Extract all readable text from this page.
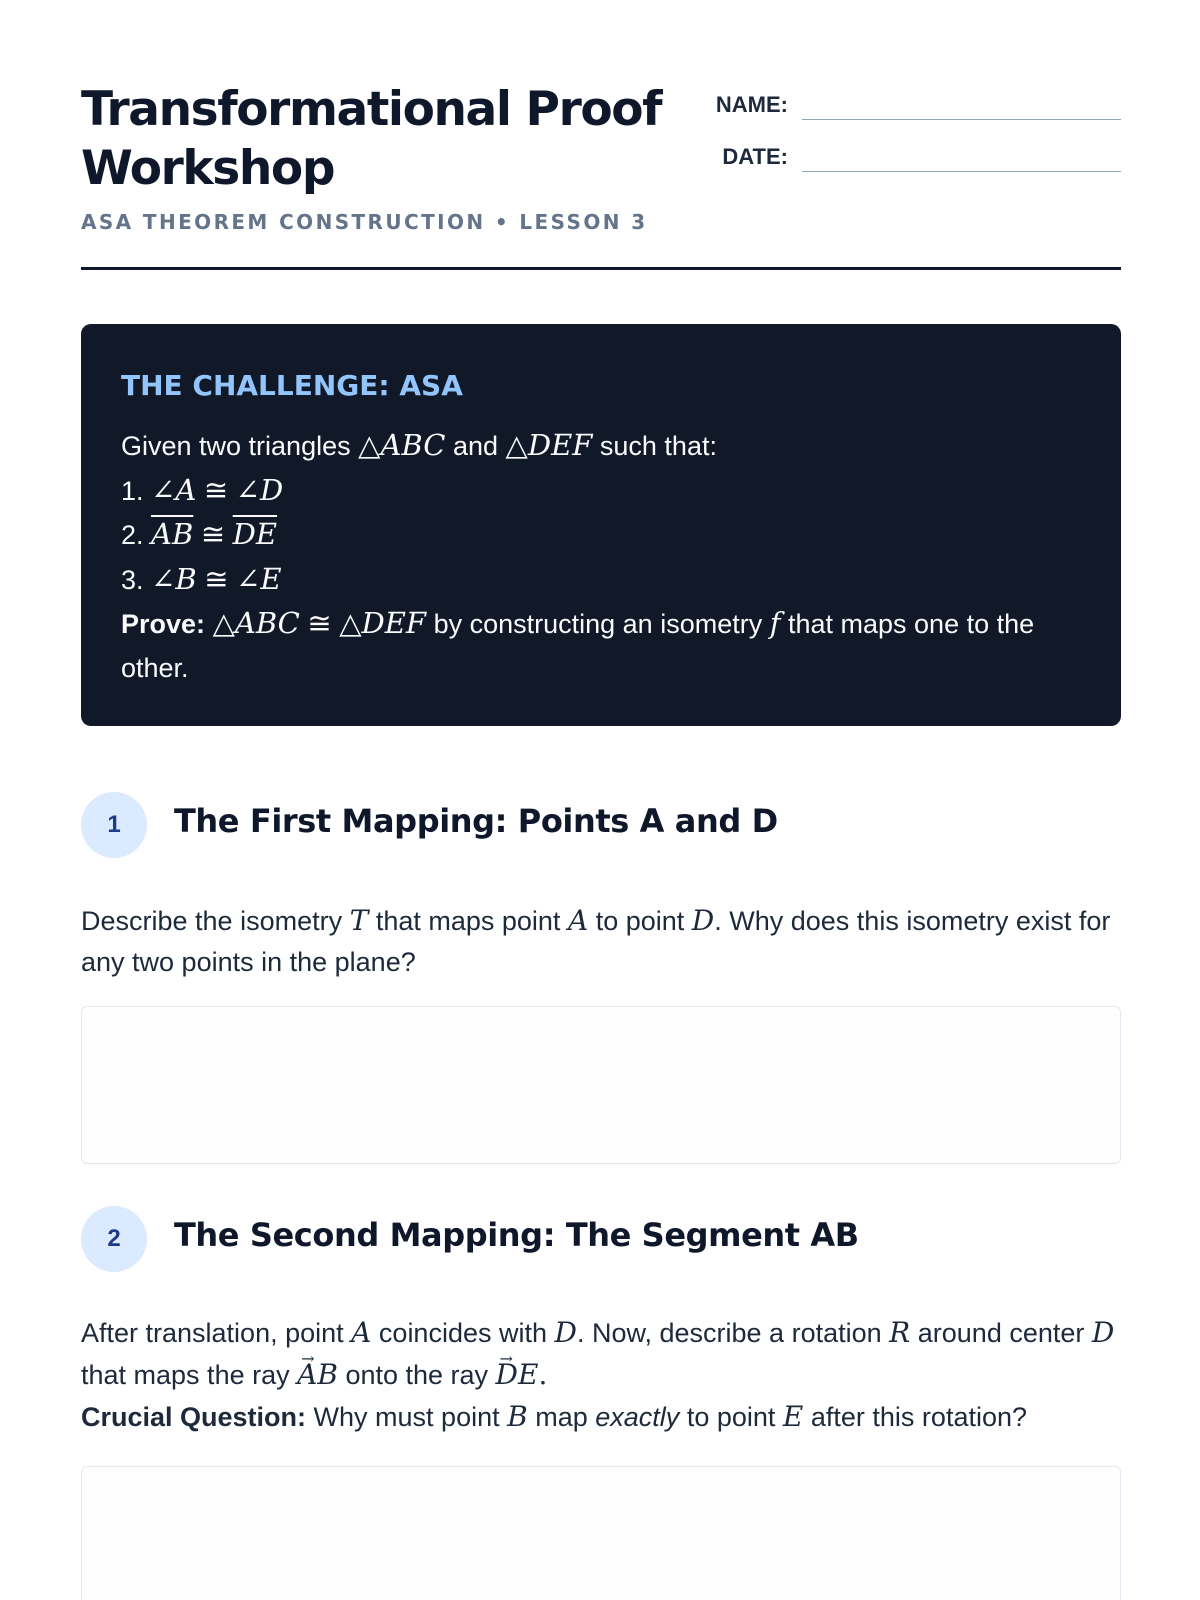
Transformational Proof Workshop
ASA THEOREM CONSTRUCTION • LESSON 3
NAME:
DATE:
THE CHALLENGE: ASA
Given two triangles △ABC and △DEF such that:
1. ∠A ≅ ∠D
2. $\overline{AB}$ ≅ $\overline{DE}$
3. ∠B ≅ ∠E
Prove: △ABC ≅ △DEF by constructing an isometry f that maps one to the other.
1	The First Mapping: Points A and D
Describe the isometry T that maps point A to point D. Why does this isometry exist for any two points in the plane?
2	The Second Mapping: The Segment AB
After translation, point A coincides with D. Now, describe a rotation R around center D that maps the ray → AB onto the ray → DE.
Crucial Question: Why must point B map exactly to point E after this rotation?
